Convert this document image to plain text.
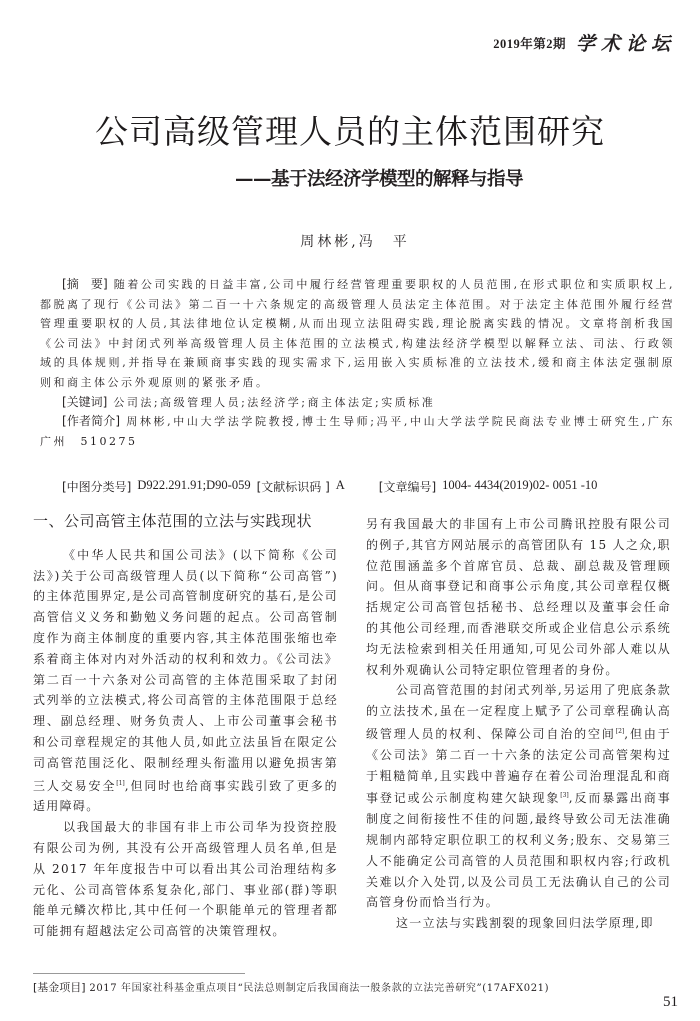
2019年第2期 学术论坛
公司高级管理人员的主体范围研究
——基于法经济学模型的解释与指导
周林彬,冯　平

[摘　要] 随着公司实践的日益丰富,公司中履行经营管理重要职权的人员范围,在形式职位和实质职权上,都脱离了现行《公司法》第二百一十六条规定的高级管理人员法定主体范围。对于法定主体范围外履行经营管理重要职权的人员,其法律地位认定模糊,从而出现立法阻碍实践,理论脱离实践的情况。文章将剖析我国《公司法》中封闭式列举高级管理人员主体范围的立法模式,构建法经济学模型以解释立法、司法、行政领域的具体规则,并指导在兼顾商事实践的现实需求下,运用嵌入实质标准的立法技术,缓和商主体法定强制原则和商主体公示外观原则的紧张矛盾。

[关键词] 公司法;高级管理人员;法经济学;商主体法定;实质标准

[作者简介] 周林彬,中山大学法学院教授,博士生导师;冯平,中山大学法学院民商法专业博士研究生,广东　广州　510275

[中图分类号] D922.291.91;D90-059 [文献标识码 ] A	[文章编号] 1004- 4434(2019)02- 0051 -10
一、公司高管主体范围的立法与实践现状

《中华人民共和国公司法》(以下简称《公司法》)关于公司高级管理人员(以下简称“公司高管”)的主体范围界定,是公司高管制度研究的基石,是公司高管信义义务和勤勉义务问题的起点。公司高管制度作为商主体制度的重要内容,其主体范围张缩也牵系着商主体对内对外活动的权利和效力。《公司法》第二百一十六条对公司高管的主体范围采取了封闭式列举的立法模式,将公司高管的主体范围限于总经理、副总经理、财务负责人、上市公司董事会秘书和公司章程规定的其他人员,如此立法虽旨在限定公司高管范围泛化、限制经理头衔滥用以避免损害第三人交易安全[1],但同时也给商事实践引致了更多的适用障碍。

以我国最大的非国有非上市公司华为投资控股有限公司为例, 其没有公开高级管理人员名单,但是从 2017 年年度报告中可以看出其公司治理结构多元化、公司高管体系复杂化,部门、事业部(群)等职能单元鳞次栉比,其中任何一个职能单元的管理者都可能拥有超越法定公司高管的决策管理权。

另有我国最大的非国有上市公司腾讯控股有限公司的例子,其官方网站展示的高管团队有 15 人之众,职位范围涵盖多个首席官员、总裁、副总裁及管理顾问。但从商事登记和商事公示角度,其公司章程仅概括规定公司高管包括秘书、总经理以及董事会任命的其他公司经理,而香港联交所或企业信息公示系统均无法检索到相关任用通知,可见公司外部人难以从权利外观确认公司特定职位管理者的身份。

公司高管范围的封闭式列举,另运用了兜底条款的立法技术,虽在一定程度上赋予了公司章程确认高级管理人员的权利、保障公司自治的空间[2],但由于《公司法》第二百一十六条的法定公司高管架构过于粗糙简单,且实践中普遍存在着公司治理混乱和商事登记或公示制度构建欠缺现象[3],反而暴露出商事制度之间衔接性不佳的问题,最终导致公司无法准确规制内部特定职位职工的权利义务;股东、交易第三人不能确定公司高管的人员范围和职权内容;行政机关难以介入处罚,以及公司员工无法确认自己的公司高管身份而恰当行为。

这一立法与实践割裂的现象回归法学原理,即

[基金项目] 2017 年国家社科基金重点项目“民法总则制定后我国商法一般条款的立法完善研究”(17AFX021)
51
